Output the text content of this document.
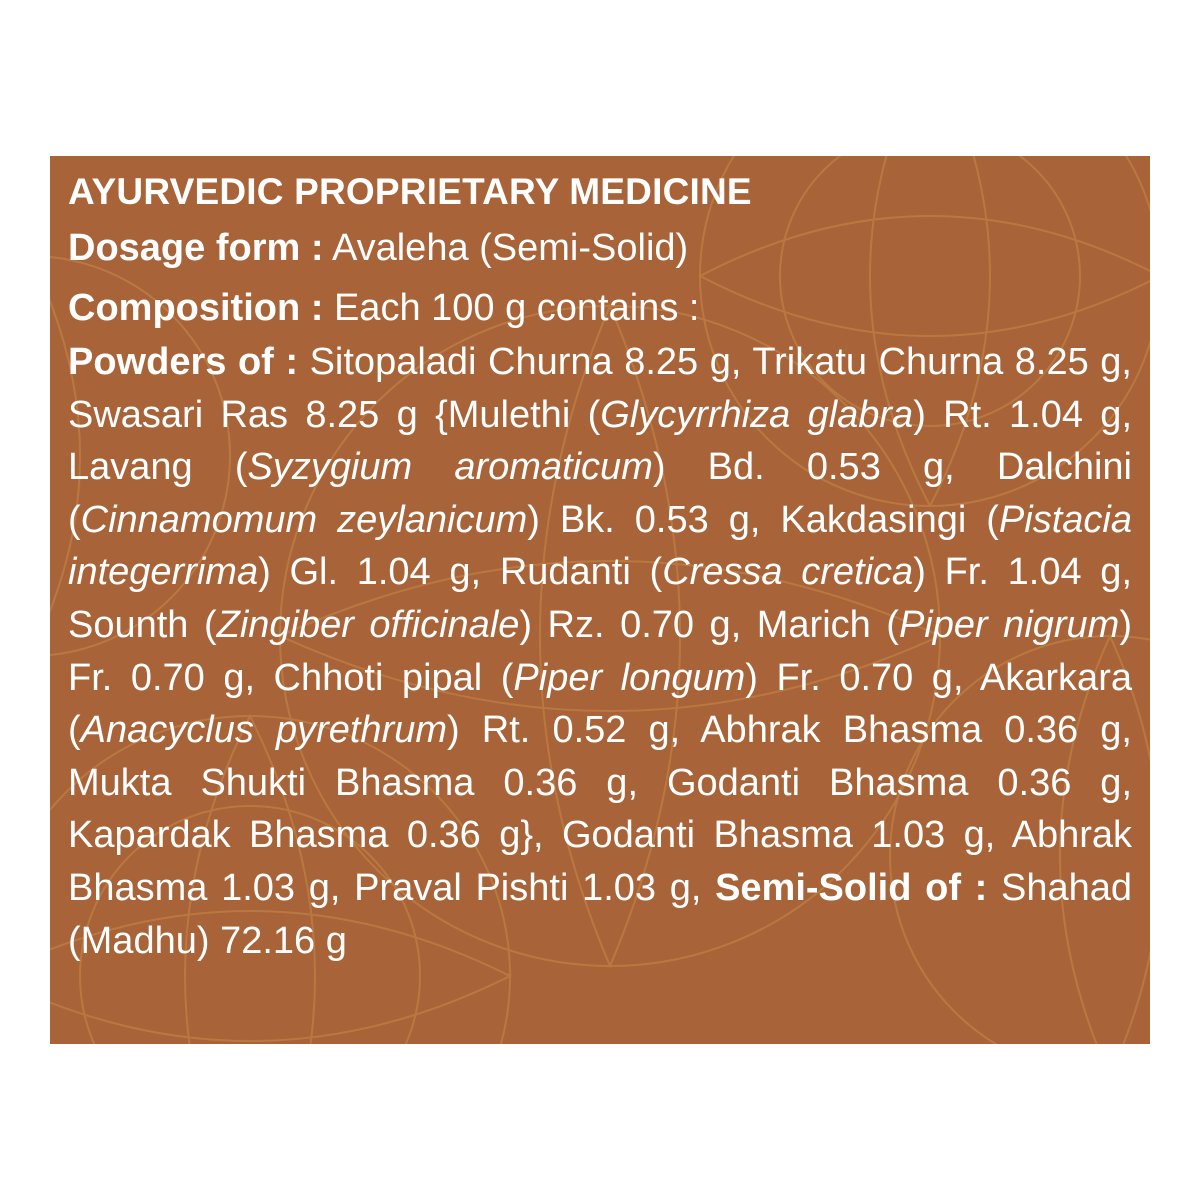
AYURVEDIC PROPRIETARY MEDICINE
Dosage form : Avaleha (Semi-Solid)
Composition : Each 100 g contains :
Powders of : Sitopaladi Churna 8.25 g, Trikatu Churna 8.25 g, Swasari Ras 8.25 g {Mulethi (Glycyrrhiza glabra) Rt. 1.04 g, Lavang (Syzygium aromaticum) Bd. 0.53 g, Dalchini (Cinnamomum zeylanicum) Bk. 0.53 g, Kakdasingi (Pistacia integerrima) Gl. 1.04 g, Rudanti (Cressa cretica) Fr. 1.04 g, Sounth (Zingiber officinale) Rz. 0.70 g, Marich (Piper nigrum) Fr. 0.70 g, Chhoti pipal (Piper longum) Fr. 0.70 g, Akarkara (Anacyclus pyrethrum) Rt. 0.52 g, Abhrak Bhasma 0.36 g, Mukta Shukti Bhasma 0.36 g, Godanti Bhasma 0.36 g, Kapardak Bhasma 0.36 g}, Godanti Bhasma 1.03 g, Abhrak Bhasma 1.03 g, Praval Pishti 1.03 g, Semi-Solid of : Shahad (Madhu) 72.16 g
